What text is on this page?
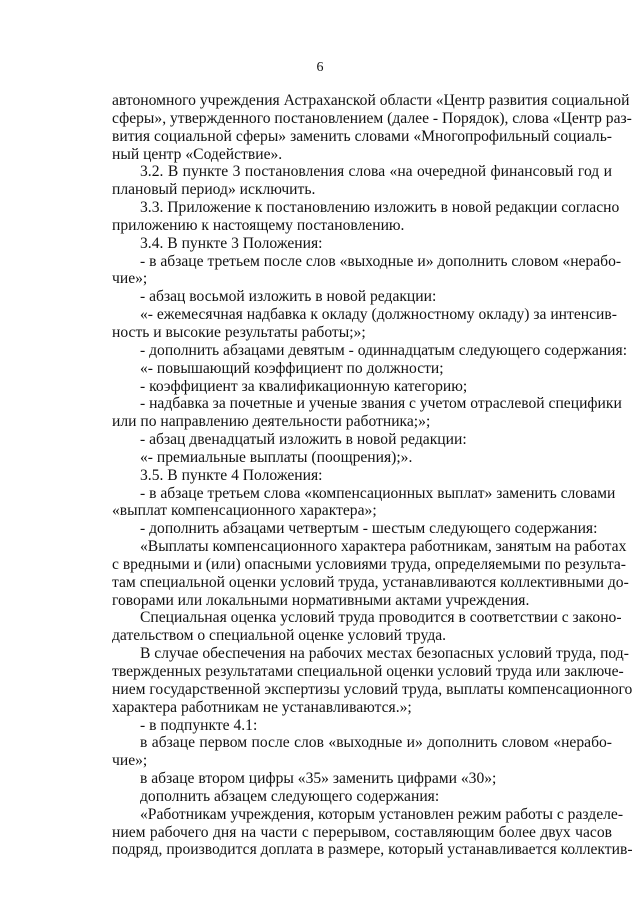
6
автономного учреждения Астраханской области «Центр развития социальной
сферы», утвержденного постановлением (далее - Порядок), слова «Центр раз-
вития социальной сферы» заменить словами «Многопрофильный социаль-
ный центр «Содействие».
3.2. В пункте 3 постановления слова «на очередной финансовый год и
плановый период» исключить.
3.3. Приложение к постановлению изложить в новой редакции согласно
приложению к настоящему постановлению.
3.4. В пункте 3 Положения:
- в абзаце третьем после слов «выходные и» дополнить словом «нерабо-
чие»;
- абзац восьмой изложить в новой редакции:
«- ежемесячная надбавка к окладу (должностному окладу) за интенсив-
ность и высокие результаты работы;»;
- дополнить абзацами девятым - одиннадцатым следующего содержания:
«- повышающий коэффициент по должности;
- коэффициент за квалификационную категорию;
- надбавка за почетные и ученые звания с учетом отраслевой специфики
или по направлению деятельности работника;»;
- абзац двенадцатый изложить в новой редакции:
«- премиальные выплаты (поощрения);».
3.5. В пункте 4 Положения:
- в абзаце третьем слова «компенсационных выплат» заменить словами
«выплат компенсационного характера»;
- дополнить абзацами четвертым - шестым следующего содержания:
«Выплаты компенсационного характера работникам, занятым на работах
с вредными и (или) опасными условиями труда, определяемыми по результа-
там специальной оценки условий труда, устанавливаются коллективными до-
говорами или локальными нормативными актами учреждения.
Специальная оценка условий труда проводится в соответствии с законо-
дательством о специальной оценке условий труда.
В случае обеспечения на рабочих местах безопасных условий труда, под-
твержденных результатами специальной оценки условий труда или заключе-
нием государственной экспертизы условий труда, выплаты компенсационного
характера работникам не устанавливаются.»;
- в подпункте 4.1:
в абзаце первом после слов «выходные и» дополнить словом «нерабо-
чие»;
в абзаце втором цифры «35» заменить цифрами «30»;
дополнить абзацем следующего содержания:
«Работникам учреждения, которым установлен режим работы с разделе-
нием рабочего дня на части с перерывом, составляющим более двух часов
подряд, производится доплата в размере, который устанавливается коллектив-
